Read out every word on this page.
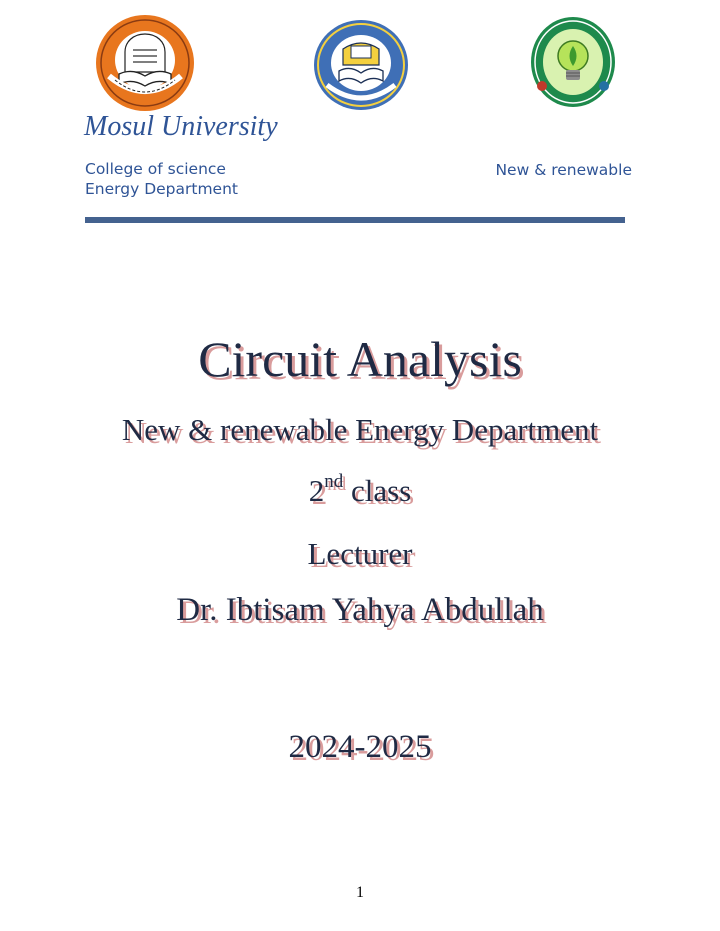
Mosul University
College of science
Energy Department
New & renewable
Circuit Analysis
New & renewable Energy Department
2nd class
Lecturer
Dr. Ibtisam Yahya Abdullah
2024-2025
1
